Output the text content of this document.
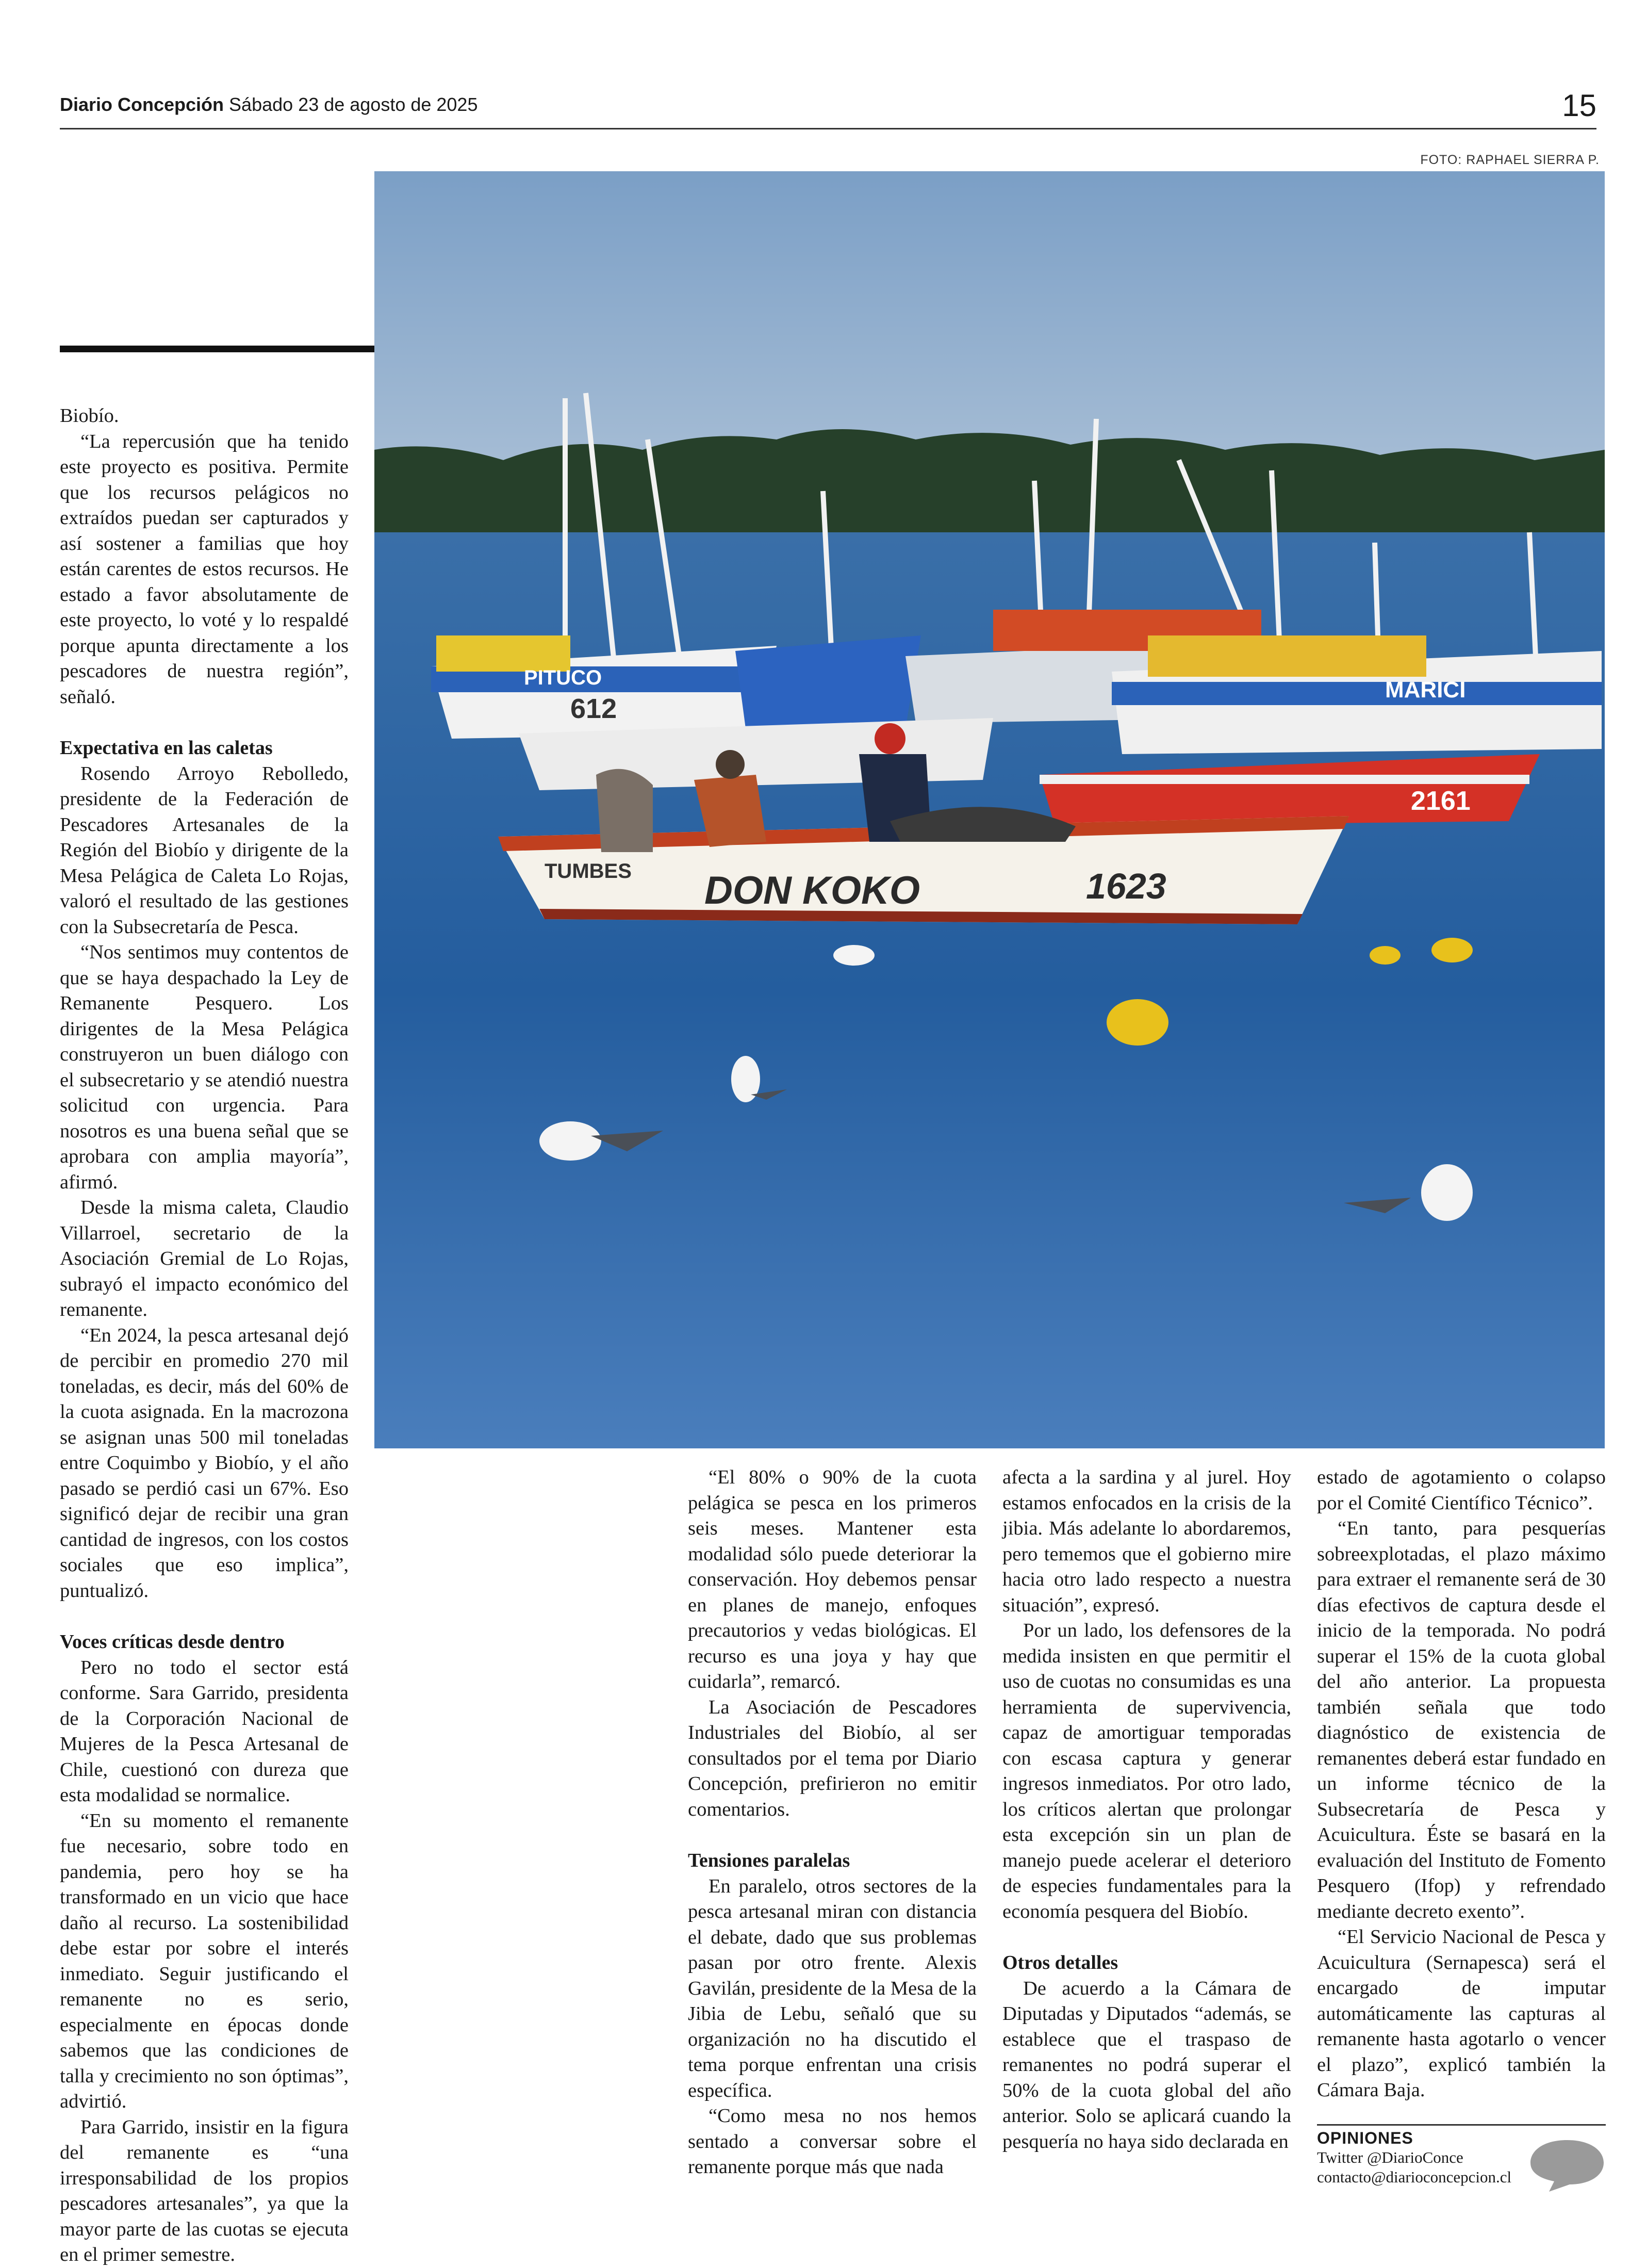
Diario Concepción Sábado 23 de agosto de 2025	15
FOTO: RAPHAEL SIERRA P.
2161
612
PITUCO	MARICI
TUMBES DON KOKO	1623

Biobío.

“La repercusión que ha tenido este proyecto es positiva. Permite que los recursos pelágicos no extraídos puedan ser capturados y así sostener a familias que hoy están carentes de estos recursos. He estado a favor absolutamente de este proyecto, lo voté y lo respaldé porque apunta directamente a los pescadores de nuestra región”, señaló.

Expectativa en las caletas

Rosendo Arroyo Rebolledo, presidente de la Federación de Pescadores Artesanales de la Región del Biobío y dirigente de la Mesa Pelágica de Caleta Lo Rojas, valoró el resultado de las gestiones con la Subsecretaría de Pesca.

“Nos sentimos muy contentos de que se haya despachado la Ley de Remanente Pesquero. Los dirigentes de la Mesa Pelágica construyeron un buen diálogo con el subsecretario y se atendió nuestra solicitud con urgencia. Para nosotros es una buena señal que se aprobara con amplia mayoría”, afirmó.

Desde la misma caleta, Claudio Villarroel, secretario de la Asociación Gremial de Lo Rojas, subrayó el impacto económico del remanente.

“En 2024, la pesca artesanal dejó de percibir en promedio 270 mil toneladas, es decir, más del 60% de la cuota asignada. En la macrozona se asignan unas 500 mil toneladas entre Coquimbo y Biobío, y el año pasado se perdió casi un 67%. Eso significó dejar de recibir una gran cantidad de ingresos, con los costos sociales que eso implica”, puntualizó.

Voces críticas desde dentro

Pero no todo el sector está conforme. Sara Garrido, presidenta de la Corporación Nacional de Mujeres de la Pesca Artesanal de Chile, cuestionó con dureza que esta modalidad se normalice.

“En su momento el remanente fue necesario, sobre todo en pandemia, pero hoy se ha transformado en un vicio que hace daño al recurso. La sostenibilidad debe estar por sobre el interés inmediato. Seguir justificando el remanente no es serio, especialmente en épocas donde sabemos que las condiciones de talla y crecimiento no son óptimas”, advirtió.

Para Garrido, insistir en la figura del remanente es “una irresponsabilidad de los propios pescadores artesanales”, ya que la mayor parte de las cuotas se ejecuta en el primer semestre.

“El 80% o 90% de la cuota pelágica se pesca en los primeros seis meses. Mantener esta modalidad sólo puede deteriorar la conservación. Hoy debemos pensar en planes de manejo, enfoques precautorios y vedas biológicas. El recurso es una joya y hay que cuidarla”, remarcó.

La Asociación de Pescadores Industriales del Biobío, al ser consultados por el tema por Diario Concepción, prefirieron no emitir comentarios.

Tensiones paralelas

En paralelo, otros sectores de la pesca artesanal miran con distancia el debate, dado que sus problemas pasan por otro frente. Alexis Gavilán, presidente de la Mesa de la Jibia de Lebu, señaló que su organización no ha discutido el tema porque enfrentan una crisis específica.

“Como mesa no nos hemos sentado a conversar sobre el remanente porque más que nada

afecta a la sardina y al jurel. Hoy estamos enfocados en la crisis de la jibia. Más adelante lo abordaremos, pero tememos que el gobierno mire hacia otro lado respecto a nuestra situación”, expresó.

Por un lado, los defensores de la medida insisten en que permitir el uso de cuotas no consumidas es una herramienta de supervivencia, capaz de amortiguar temporadas con escasa captura y generar ingresos inmediatos. Por otro lado, los críticos alertan que prolongar esta excepción sin un plan de manejo puede acelerar el deterioro de especies fundamentales para la economía pesquera del Biobío.

Otros detalles

De acuerdo a la Cámara de Diputadas y Diputados “además, se establece que el traspaso de remanentes no podrá superar el 50% de la cuota global del año anterior. Solo se aplicará cuando la pesquería no haya sido declarada en

estado de agotamiento o colapso por el Comité Científico Técnico”.

“En tanto, para pesquerías sobreexplotadas, el plazo máximo para extraer el remanente será de 30 días efectivos de captura desde el inicio de la temporada. No podrá superar el 15% de la cuota global del año anterior. La propuesta también señala que todo diagnóstico de existencia de remanentes deberá estar fundado en un informe técnico de la Subsecretaría de Pesca y Acuicultura. Éste se basará en la evaluación del Instituto de Fomento Pesquero (Ifop) y refrendado mediante decreto exento”.

“El Servicio Nacional de Pesca y Acuicultura (Sernapesca) será el encargado de imputar automáticamente las capturas al remanente hasta agotarlo o vencer el plazo”, explicó también la Cámara Baja.

OPINIONES
Twitter @DiarioConce
contacto@diarioconcepcion.cl
